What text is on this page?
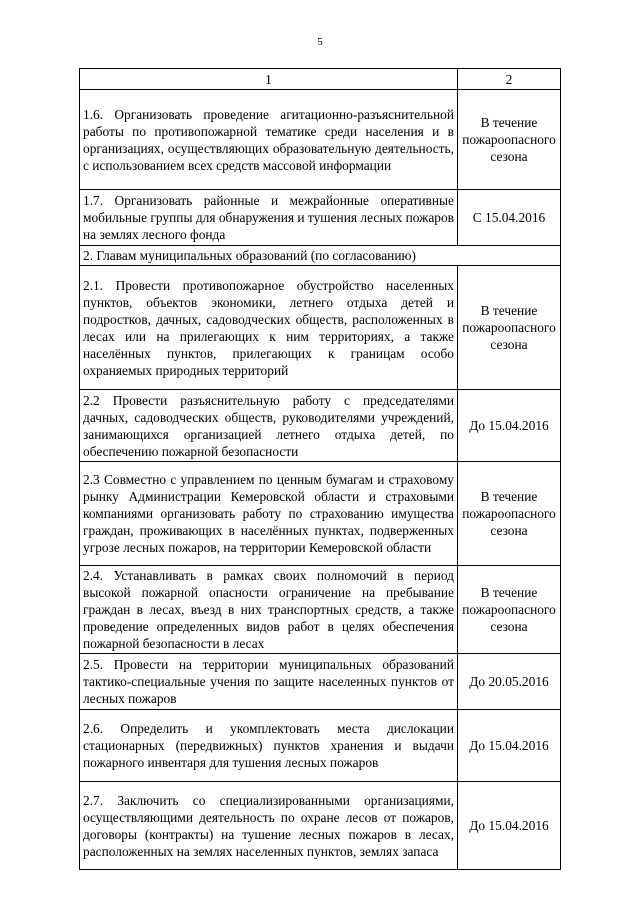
5
1	2
1.6. Организовать проведение агитационно-разъяснительной работы по противопожарной тематике среди населения и в организациях, осуществляющих образовательную деятельность, с использованием всех средств массовой информации	В течение пожароопасного сезона
1.7. Организовать районные и межрайонные оперативные мобильные группы для обнаружения и тушения лесных пожаров на землях лесного фонда	С 15.04.2016
2. Главам муниципальных образований (по согласованию)	
2.1. Провести противопожарное обустройство населенных пунктов, объектов экономики, летнего отдыха детей и подростков, дачных, садоводческих обществ, расположенных в лесах или на прилегающих к ним территориях, а также населённых пунктов, прилегающих к границам особо охраняемых природных территорий	В течение пожароопасного сезона
2.2 Провести разъяснительную работу с председателями дачных, садоводческих обществ, руководителями учреждений, занимающихся организацией летнего отдыха детей, по обеспечению пожарной безопасности	До 15.04.2016
2.3 Совместно с управлением по ценным бумагам и страховому рынку Администрации Кемеровской области и страховыми компаниями организовать работу по страхованию имущества граждан, проживающих в населённых пунктах, подверженных угрозе лесных пожаров, на территории Кемеровской области	В течение пожароопасного сезона
2.4. Устанавливать в рамках своих полномочий в период высокой пожарной опасности ограничение на пребывание граждан в лесах, въезд в них транспортных средств, а также проведение определенных видов работ в целях обеспечения пожарной безопасности в лесах	В течение пожароопасного сезона
2.5. Провести на территории муниципальных образований тактико-специальные учения по защите населенных пунктов от лесных пожаров	До 20.05.2016
2.6. Определить и укомплектовать места дислокации стационарных (передвижных) пунктов хранения и выдачи пожарного инвентаря для тушения лесных пожаров	До 15.04.2016
2.7. Заключить со специализированными организациями, осуществляющими деятельность по охране лесов от пожаров, договоры (контракты) на тушение лесных пожаров в лесах, расположенных на землях населенных пунктов, землях запаса	До 15.04.2016
